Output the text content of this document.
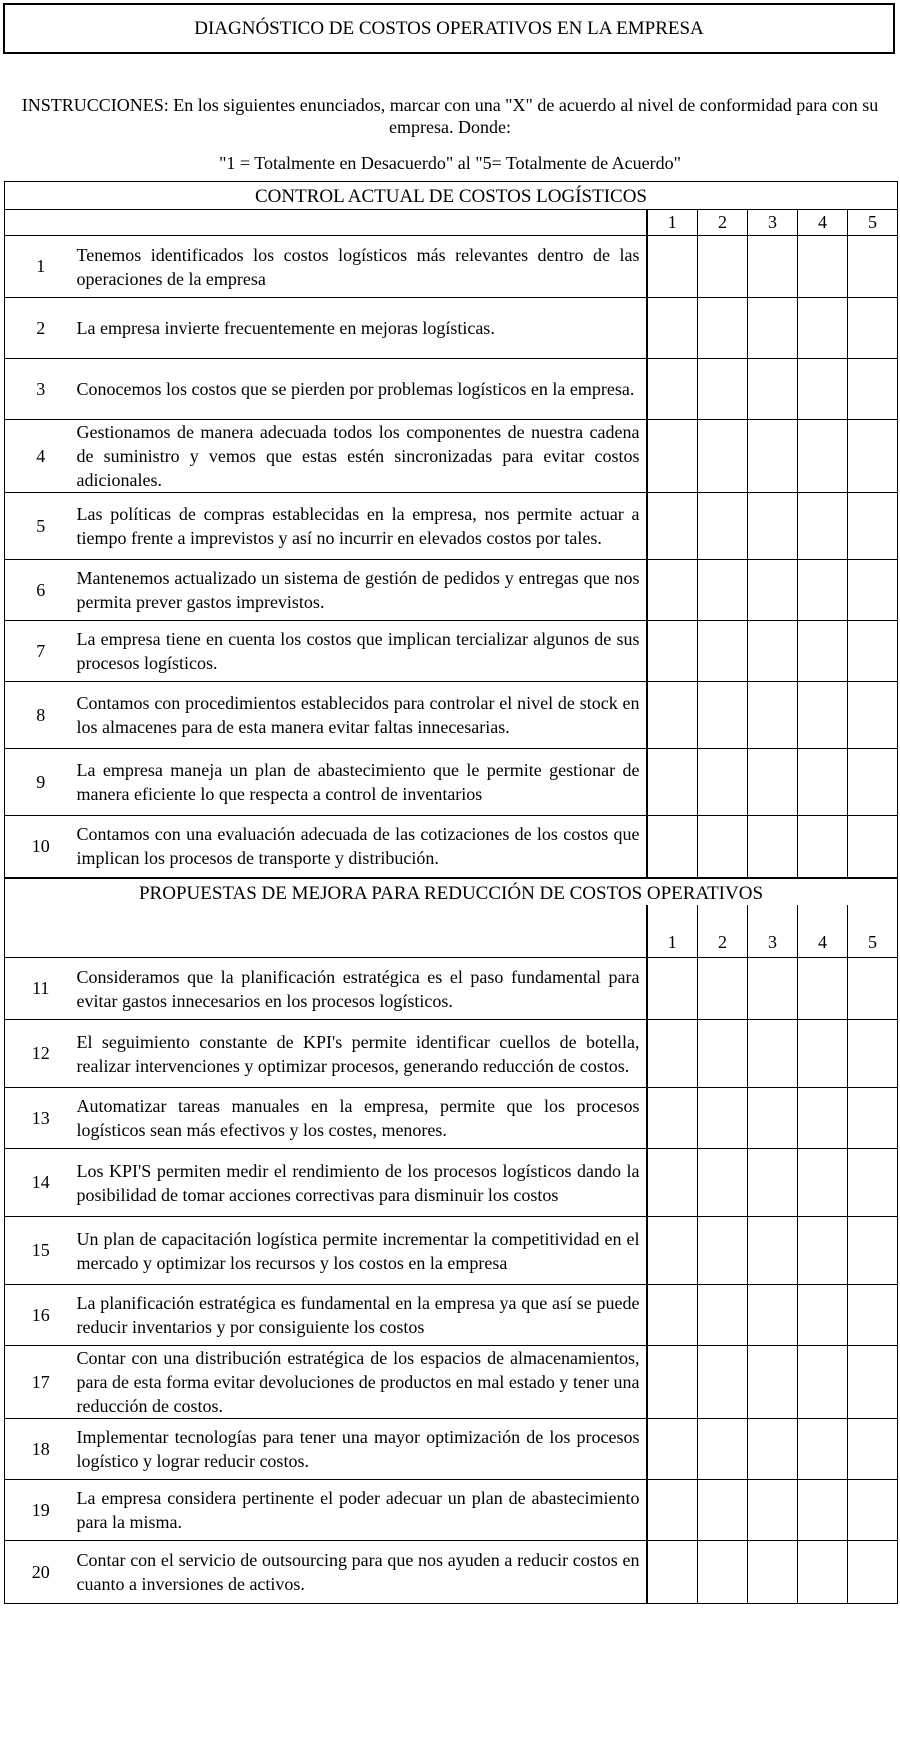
DIAGNÓSTICO DE COSTOS OPERATIVOS EN LA EMPRESA
INSTRUCCIONES: En los siguientes enunciados, marcar con una "X" de acuerdo al nivel de conformidad para con su empresa. Donde:
"1 = Totalmente en Desacuerdo" al "5= Totalmente de Acuerdo"
CONTROL ACTUAL DE COSTOS LOGÍSTICOS						
		1	2	3	4	5
1	Tenemos identificados los costos logísticos más relevantes dentro de las operaciones de la empresa					
2	La empresa invierte frecuentemente en mejoras logísticas.					
3	Conocemos los costos que se pierden por problemas logísticos en la empresa.					
4	Gestionamos de manera adecuada todos los componentes de nuestra cadena de suministro y vemos que estas estén sincronizadas para evitar costos adicionales.					
5	Las políticas de compras establecidas en la empresa, nos permite actuar a tiempo frente a imprevistos y así no incurrir en elevados costos por tales.					
6	Mantenemos actualizado un sistema de gestión de pedidos y entregas que nos permita prever gastos imprevistos.					
7	La empresa tiene en cuenta los costos que implican tercializar algunos de sus procesos logísticos.					
8	Contamos con procedimientos establecidos para controlar el nivel de stock en los almacenes para de esta manera evitar faltas innecesarias.					
9	La empresa maneja un plan de abastecimiento que le permite gestionar de manera eficiente lo que respecta a control de inventarios					
10	Contamos con una evaluación adecuada de las cotizaciones de los costos que implican los procesos de transporte y distribución.					
PROPUESTAS DE MEJORA PARA REDUCCIÓN DE COSTOS OPERATIVOS						
		1	2	3	4	5
11	Consideramos que la planificación estratégica es el paso fundamental para evitar gastos innecesarios en los procesos logísticos.					
12	El seguimiento constante de KPI's permite identificar cuellos de botella, realizar intervenciones y optimizar procesos, generando reducción de costos.					
13	Automatizar tareas manuales en la empresa, permite que los procesos logísticos sean más efectivos y los costes, menores.					
14	Los KPI'S permiten medir el rendimiento de los procesos logísticos dando la posibilidad de tomar acciones correctivas para disminuir los costos					
15	Un plan de capacitación logística permite incrementar la competitividad en el mercado y optimizar los recursos y los costos en la empresa					
16	La planificación estratégica es fundamental en la empresa ya que así se puede reducir inventarios y por consiguiente los costos					
17	Contar con una distribución estratégica de los espacios de almacenamientos, para de esta forma evitar devoluciones de productos en mal estado y tener una reducción de costos.					
18	Implementar tecnologías para tener una mayor optimización de los procesos logístico y lograr reducir costos.					
19	La empresa considera pertinente el poder adecuar un plan de abastecimiento para la misma.					
20	Contar con el servicio de outsourcing para que nos ayuden a reducir costos en cuanto a inversiones de activos.					
